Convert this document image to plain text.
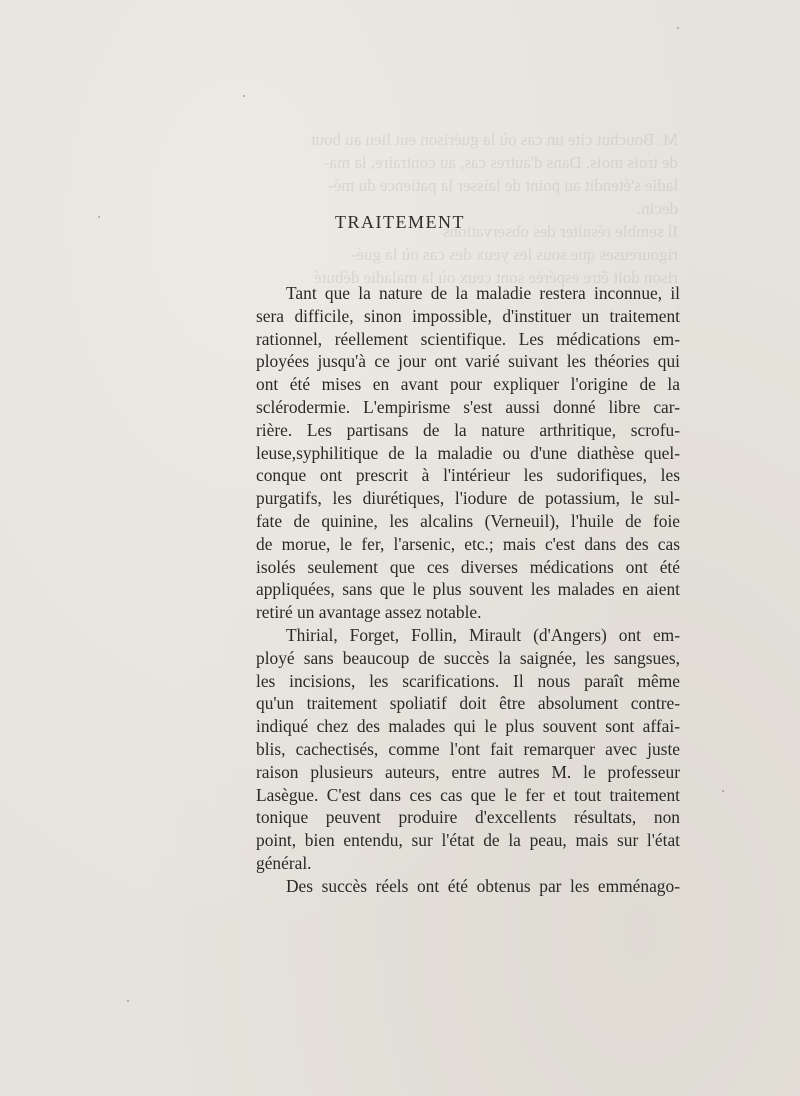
M. Bouchut cite un cas où la guérison eut lieu au bout
de trois mois. Dans d'autres cas, au contraire, la ma-
ladie s'étendit au point de laisser la patience du mé-
decin.
Il semble résulter des observations
rigoureuses que sous les yeux des cas où la gué-
rison doit être espérée sont ceux où la maladie débuté
TRAITEMENT
Tant que la nature de la maladie restera inconnue, il
sera difficile, sinon impossible, d'instituer un traitement
rationnel, réellement scientifique. Les médications em-
ployées jusqu'à ce jour ont varié suivant les théories qui
ont été mises en avant pour expliquer l'origine de la
sclérodermie. L'empirisme s'est aussi donné libre car-
rière. Les partisans de la nature arthritique, scrofu-
leuse,syphilitique de la maladie ou d'une diathèse quel-
conque ont prescrit à l'intérieur les sudorifiques, les
purgatifs, les diurétiques, l'iodure de potassium, le sul-
fate de quinine, les alcalins (Verneuil), l'huile de foie
de morue, le fer, l'arsenic, etc.; mais c'est dans des cas
isolés seulement que ces diverses médications ont été
appliquées, sans que le plus souvent les malades en aient
retiré un avantage assez notable.
Thirial, Forget, Follin, Mirault (d'Angers) ont em-
ployé sans beaucoup de succès la saignée, les sangsues,
les incisions, les scarifications. Il nous paraît même
qu'un traitement spoliatif doit être absolument contre-
indiqué chez des malades qui le plus souvent sont affai-
blis, cachectisés, comme l'ont fait remarquer avec juste
raison plusieurs auteurs, entre autres M. le professeur
Lasègue. C'est dans ces cas que le fer et tout traitement
tonique peuvent produire d'excellents résultats, non
point, bien entendu, sur l'état de la peau, mais sur l'état
général.
Des succès réels ont été obtenus par les emménago-
